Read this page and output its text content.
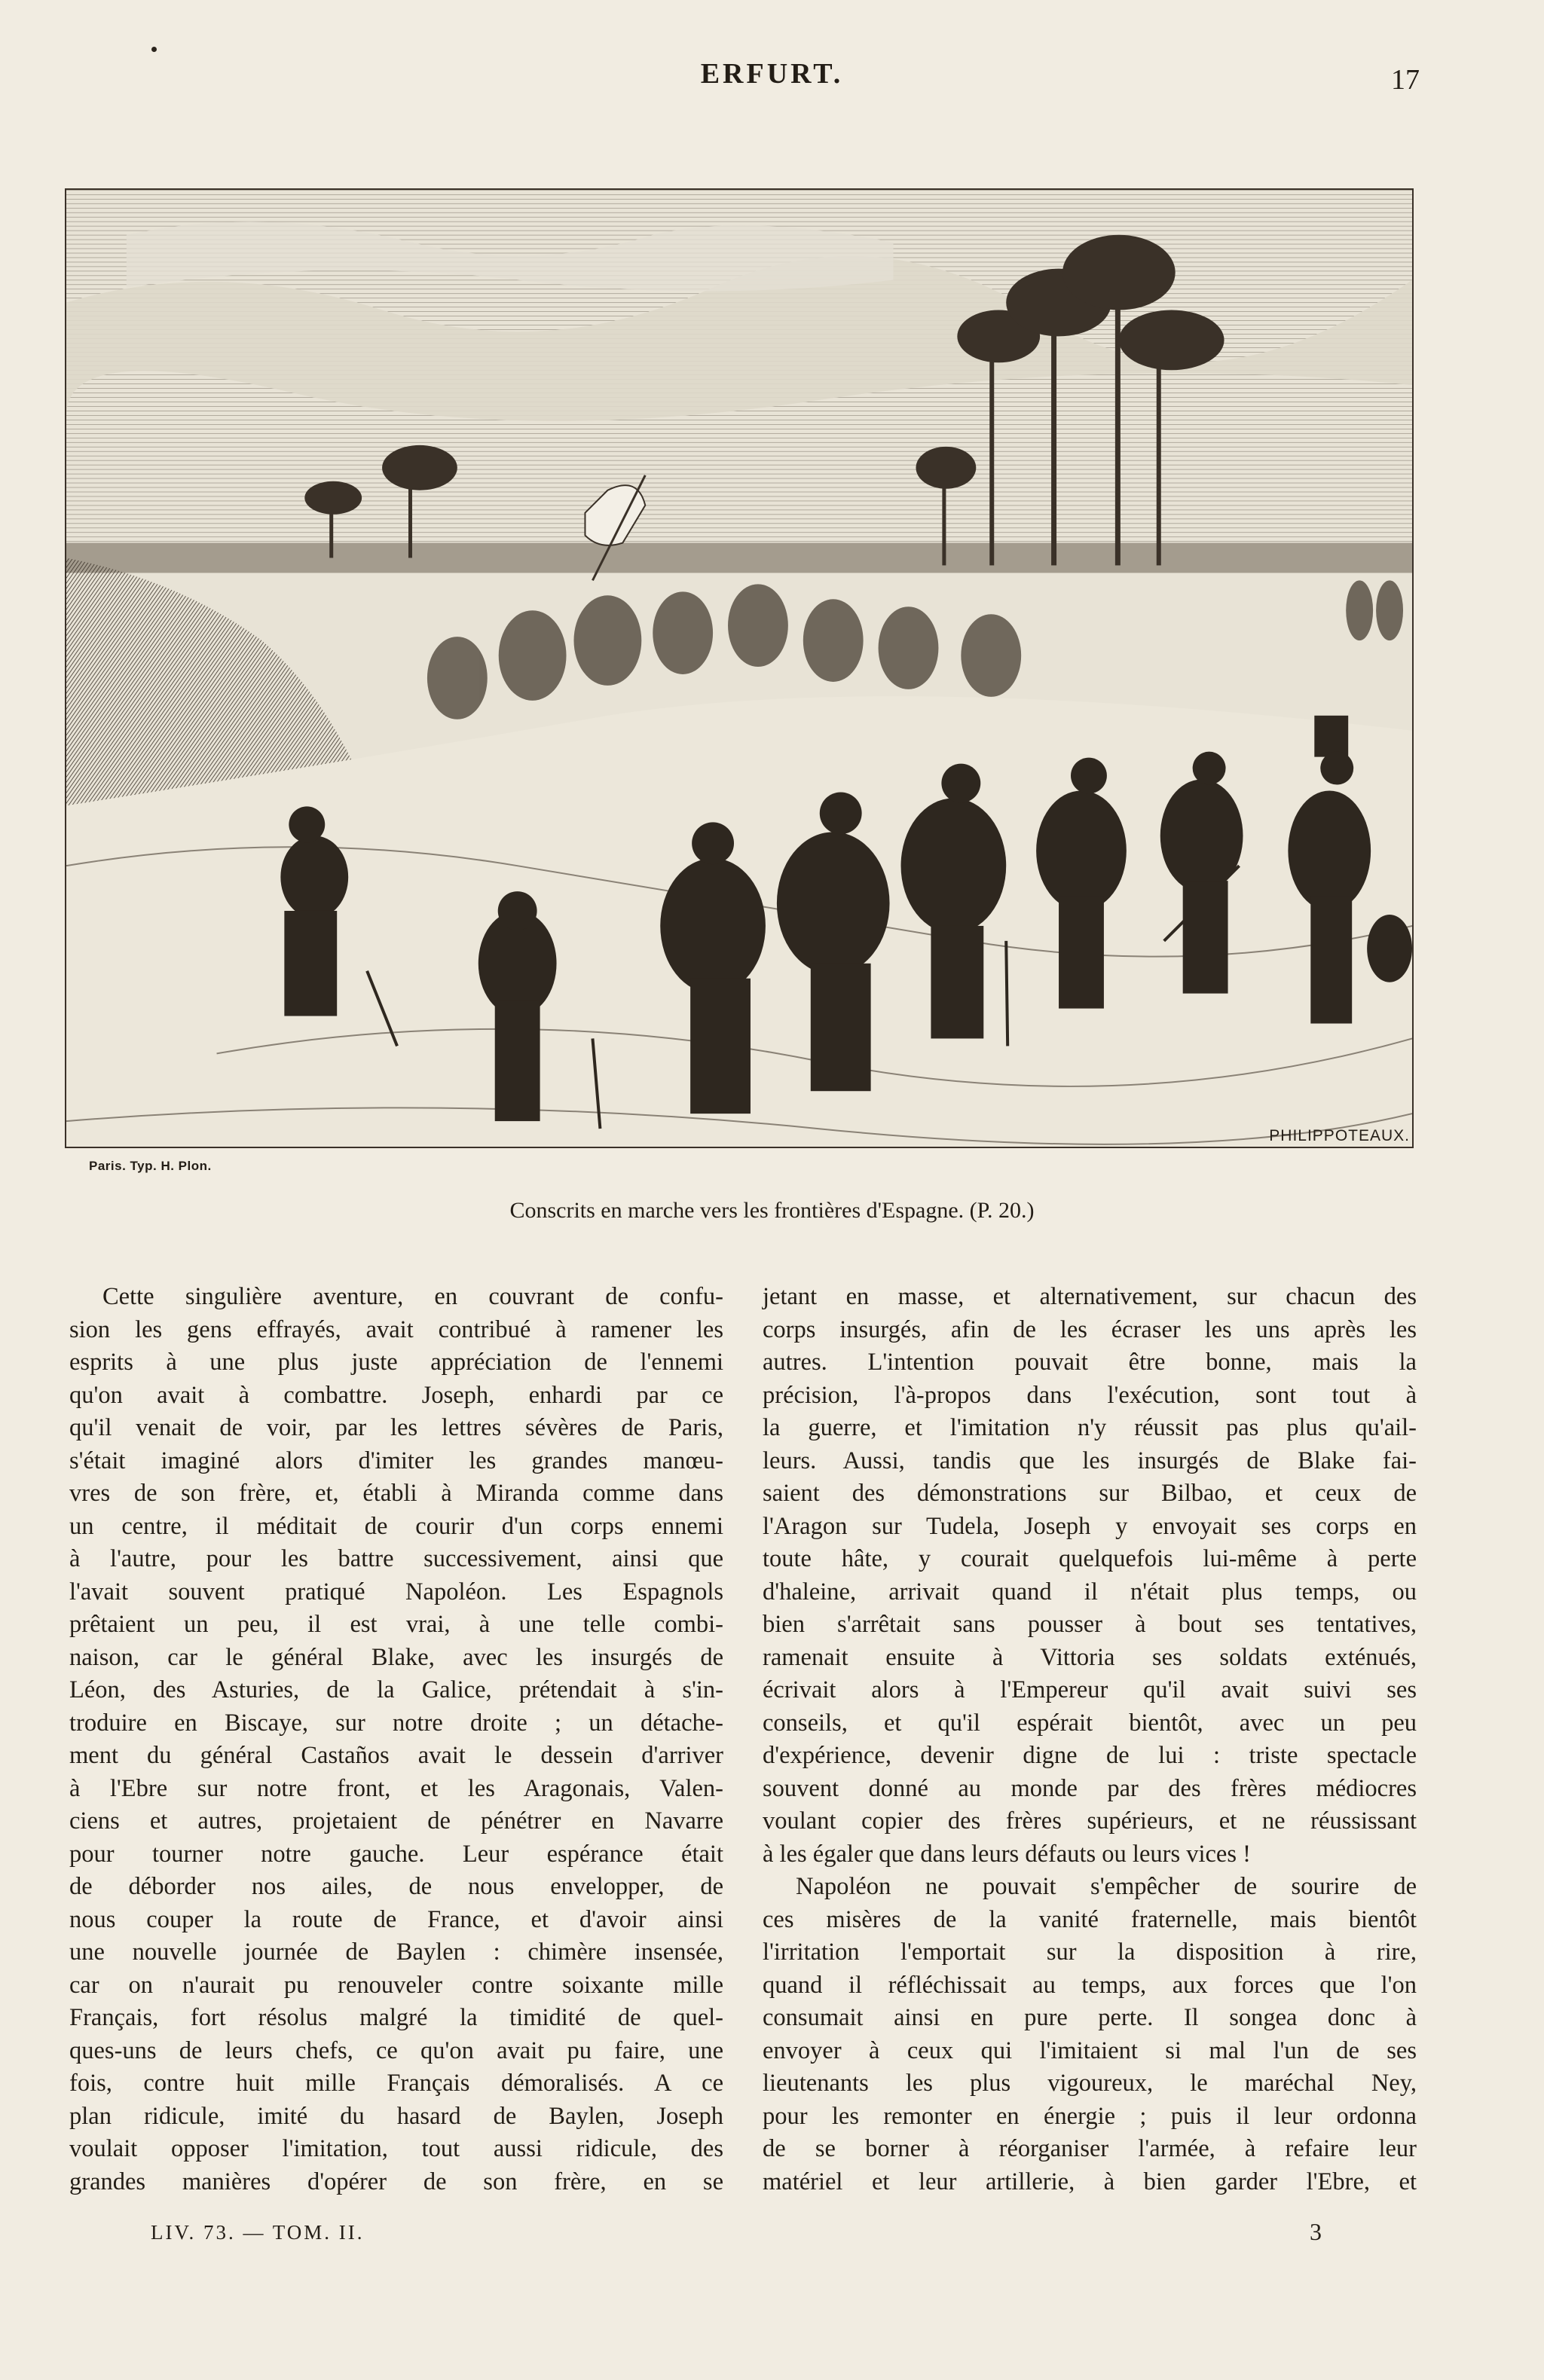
ERFURT.	17
PHILIPPOTEAUX.
Paris. Typ. H. Plon.
Conscrits en marche vers les frontières d'Espagne. (P. 20.)
Cette singulière aventure, en couvrant de confu-
sion les gens effrayés, avait contribué à ramener les
esprits à une plus juste appréciation de l'ennemi
qu'on avait à combattre. Joseph, enhardi par ce
qu'il venait de voir, par les lettres sévères de Paris,
s'était imaginé alors d'imiter les grandes manœu-
vres de son frère, et, établi à Miranda comme dans
un centre, il méditait de courir d'un corps ennemi
à l'autre, pour les battre successivement, ainsi que
l'avait souvent pratiqué Napoléon. Les Espagnols
prêtaient un peu, il est vrai, à une telle combi-
naison, car le général Blake, avec les insurgés de
Léon, des Asturies, de la Galice, prétendait à s'in-
troduire en Biscaye, sur notre droite ; un détache-
ment du général Castaños avait le dessein d'arriver
à l'Ebre sur notre front, et les Aragonais, Valen-
ciens et autres, projetaient de pénétrer en Navarre
pour tourner notre gauche. Leur espérance était
de déborder nos ailes, de nous envelopper, de
nous couper la route de France, et d'avoir ainsi
une nouvelle journée de Baylen : chimère insensée,
car on n'aurait pu renouveler contre soixante mille
Français, fort résolus malgré la timidité de quel-
ques-uns de leurs chefs, ce qu'on avait pu faire, une
fois, contre huit mille Français démoralisés. A ce
plan ridicule, imité du hasard de Baylen, Joseph
voulait opposer l'imitation, tout aussi ridicule, des
grandes manières d'opérer de son frère, en se
jetant en masse, et alternativement, sur chacun des
corps insurgés, afin de les écraser les uns après les
autres. L'intention pouvait être bonne, mais la
précision, l'à-propos dans l'exécution, sont tout à
la guerre, et l'imitation n'y réussit pas plus qu'ail-
leurs. Aussi, tandis que les insurgés de Blake fai-
saient des démonstrations sur Bilbao, et ceux de
l'Aragon sur Tudela, Joseph y envoyait ses corps en
toute hâte, y courait quelquefois lui-même à perte
d'haleine, arrivait quand il n'était plus temps, ou
bien s'arrêtait sans pousser à bout ses tentatives,
ramenait ensuite à Vittoria ses soldats exténués,
écrivait alors à l'Empereur qu'il avait suivi ses
conseils, et qu'il espérait bientôt, avec un peu
d'expérience, devenir digne de lui : triste spectacle
souvent donné au monde par des frères médiocres
voulant copier des frères supérieurs, et ne réussissant
à les égaler que dans leurs défauts ou leurs vices !
Napoléon ne pouvait s'empêcher de sourire de
ces misères de la vanité fraternelle, mais bientôt
l'irritation l'emportait sur la disposition à rire,
quand il réfléchissait au temps, aux forces que l'on
consumait ainsi en pure perte. Il songea donc à
envoyer à ceux qui l'imitaient si mal l'un de ses
lieutenants les plus vigoureux, le maréchal Ney,
pour les remonter en énergie ; puis il leur ordonna
de se borner à réorganiser l'armée, à refaire leur
matériel et leur artillerie, à bien garder l'Ebre, et
LIV. 73. — TOM. II.	3
